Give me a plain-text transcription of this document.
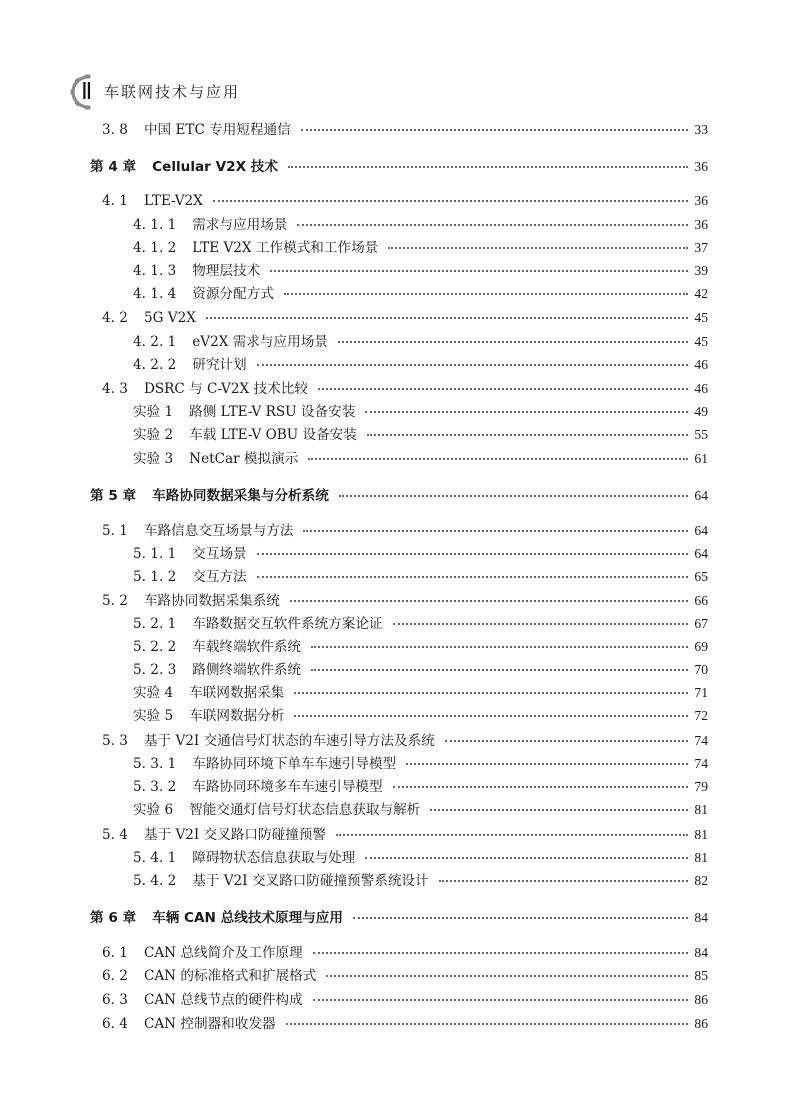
Ⅱ 车联网技术与应用
3. 8 中国 ETC 专用短程通信	33
第 4 章 Cellular V2X 技术	36
4. 1 LTE-V2X	36
4. 1. 1 需求与应用场景	36
4. 1. 2 LTE V2X 工作模式和工作场景	37
4. 1. 3 物理层技术	39
4. 1. 4 资源分配方式	42
4. 2 5G V2X	45
4. 2. 1 eV2X 需求与应用场景	45
4. 2. 2 研究计划	46
4. 3 DSRC 与 C-V2X 技术比较	46
实验 1 路侧 LTE-V RSU 设备安装	49
实验 2 车载 LTE-V OBU 设备安装	55
实验 3 NetCar 模拟演示	61
第 5 章 车路协同数据采集与分析系统	64
5. 1 车路信息交互场景与方法	64
5. 1. 1 交互场景	64
5. 1. 2 交互方法	65
5. 2 车路协同数据采集系统	66
5. 2. 1 车路数据交互软件系统方案论证	67
5. 2. 2 车载终端软件系统	69
5. 2. 3 路侧终端软件系统	70
实验 4 车联网数据采集	71
实验 5 车联网数据分析	72
5. 3 基于 V2I 交通信号灯状态的车速引导方法及系统	74
5. 3. 1 车路协同环境下单车车速引导模型	74
5. 3. 2 车路协同环境多车车速引导模型	79
实验 6 智能交通灯信号灯状态信息获取与解析	81
5. 4 基于 V2I 交叉路口防碰撞预警	81
5. 4. 1 障碍物状态信息获取与处理	81
5. 4. 2 基于 V2I 交叉路口防碰撞预警系统设计	82
第 6 章 车辆 CAN 总线技术原理与应用	84
6. 1 CAN 总线简介及工作原理	84
6. 2 CAN 的标准格式和扩展格式	85
6. 3 CAN 总线节点的硬件构成	86
6. 4 CAN 控制器和收发器	86
